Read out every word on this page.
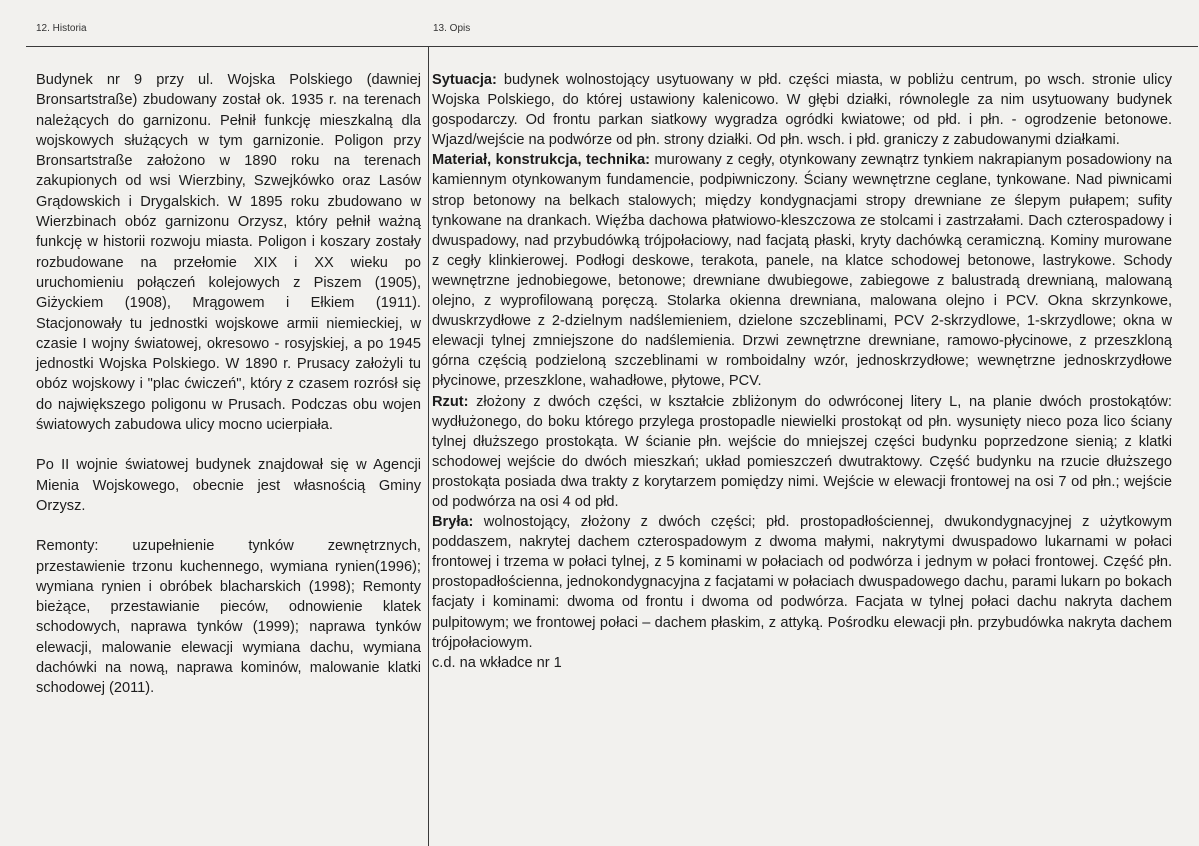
12. Historia	13. Opis

Budynek nr 9 przy ul. Wojska Polskiego (dawniej Bronsartstraße) zbudowany został ok. 1935 r. na terenach należących do garnizonu. Pełnił funkcję mieszkalną dla wojskowych służących w tym garnizonie. Poligon przy Bronsartstraße założono w 1890 roku na terenach zakupionych od wsi Wierzbiny, Szwejkówko oraz Lasów Grądowskich i Drygalskich. W 1895 roku zbudowano w Wierzbinach obóz garnizonu Orzysz, który pełnił ważną funkcję w historii rozwoju miasta. Poligon i koszary zostały rozbudowane na przełomie XIX i XX wieku po uruchomieniu połączeń kolejowych z Piszem (1905), Giżyckiem (1908), Mrągowem i Ełkiem (1911). Stacjonowały tu jednostki wojskowe armii niemieckiej, w czasie I wojny światowej, okresowo - rosyjskiej, a po 1945 jednostki Wojska Polskiego. W 1890 r. Prusacy założyli tu obóz wojskowy i "plac ćwiczeń", który z czasem rozrósł się do największego poligonu w Prusach. Podczas obu wojen światowych zabudowa ulicy mocno ucierpiała.

Po II wojnie światowej budynek znajdował się w Agencji Mienia Wojskowego, obecnie jest własnością Gminy Orzysz.

Remonty: uzupełnienie tynków zewnętrznych, przestawienie trzonu kuchennego, wymiana rynien(1996); wymiana rynien i obróbek blacharskich (1998); Remonty bieżące, przestawianie pieców, odnowienie klatek schodowych, naprawa tynków (1999); naprawa tynków elewacji, malowanie elewacji wymiana dachu, wymiana dachówki na nową, naprawa kominów, malowanie klatki schodowej (2011).

Sytuacja: budynek wolnostojący usytuowany w płd. części miasta, w pobliżu centrum, po wsch. stronie ulicy Wojska Polskiego, do której ustawiony kalenicowo. W głębi działki, równolegle za nim usytuowany budynek gospodarczy. Od frontu parkan siatkowy wygradza ogródki kwiatowe; od płd. i płn. - ogrodzenie betonowe. Wjazd/wejście na podwórze od płn. strony działki. Od płn. wsch. i płd. graniczy z zabudowanymi działkami.

Materiał, konstrukcja, technika: murowany z cegły, otynkowany zewnątrz tynkiem nakrapianym posadowiony na kamiennym otynkowanym fundamencie, podpiwniczony. Ściany wewnętrzne ceglane, tynkowane. Nad piwnicami strop betonowy na belkach stalowych; między kondygnacjami stropy drewniane ze ślepym pułapem; sufity tynkowane na drankach. Więźba dachowa płatwiowo-kleszczowa ze stolcami i zastrzałami. Dach czterospadowy i dwuspadowy, nad przybudówką trójpołaciowy, nad facjatą płaski, kryty dachówką ceramiczną. Kominy murowane z cegły klinkierowej. Podłogi deskowe, terakota, panele, na klatce schodowej betonowe, lastrykowe. Schody wewnętrzne jednobiegowe, betonowe; drewniane dwubiegowe, zabiegowe z balustradą drewnianą, malowaną olejno, z wyprofilowaną poręczą. Stolarka okienna drewniana, malowana olejno i PCV. Okna skrzynkowe, dwuskrzydłowe z 2-dzielnym nadślemieniem, dzielone szczeblinami, PCV 2-skrzydlowe, 1-skrzydlowe; okna w elewacji tylnej zmniejszone do nadślemienia. Drzwi zewnętrzne drewniane, ramowo-płycinowe, z przeszkloną górna częścią podzieloną szczeblinami w romboidalny wzór, jednoskrzydłowe; wewnętrzne jednoskrzydłowe płycinowe, przeszklone, wahadłowe, płytowe, PCV.

Rzut: złożony z dwóch części, w kształcie zbliżonym do odwróconej litery L, na planie dwóch prostokątów: wydłużonego, do boku którego przylega prostopadle niewielki prostokąt od płn. wysunięty nieco poza lico ściany tylnej dłuższego prostokąta. W ścianie płn. wejście do mniejszej części budynku poprzedzone sienią; z klatki schodowej wejście do dwóch mieszkań; układ pomieszczeń dwutraktowy. Część budynku na rzucie dłuższego prostokąta posiada dwa trakty z korytarzem pomiędzy nimi. Wejście w elewacji frontowej na osi 7 od płn.; wejście od podwórza na osi 4 od płd.

Bryła: wolnostojący, złożony z dwóch części; płd. prostopadłościennej, dwukondygnacyjnej z użytkowym poddaszem, nakrytej dachem czterospadowym z dwoma małymi, nakrytymi dwuspadowo lukarnami w połaci frontowej i trzema w połaci tylnej, z 5 kominami w połaciach od podwórza i jednym w połaci frontowej. Część płn. prostopadłościenna, jednokondygnacyjna z facjatami w połaciach dwuspadowego dachu, parami lukarn po bokach facjaty i kominami: dwoma od frontu i dwoma od podwórza. Facjata w tylnej połaci dachu nakryta dachem pulpitowym; we frontowej połaci – dachem płaskim, z attyką. Pośrodku elewacji płn. przybudówka nakryta dachem trójpołaciowym.

c.d. na wkładce nr 1
